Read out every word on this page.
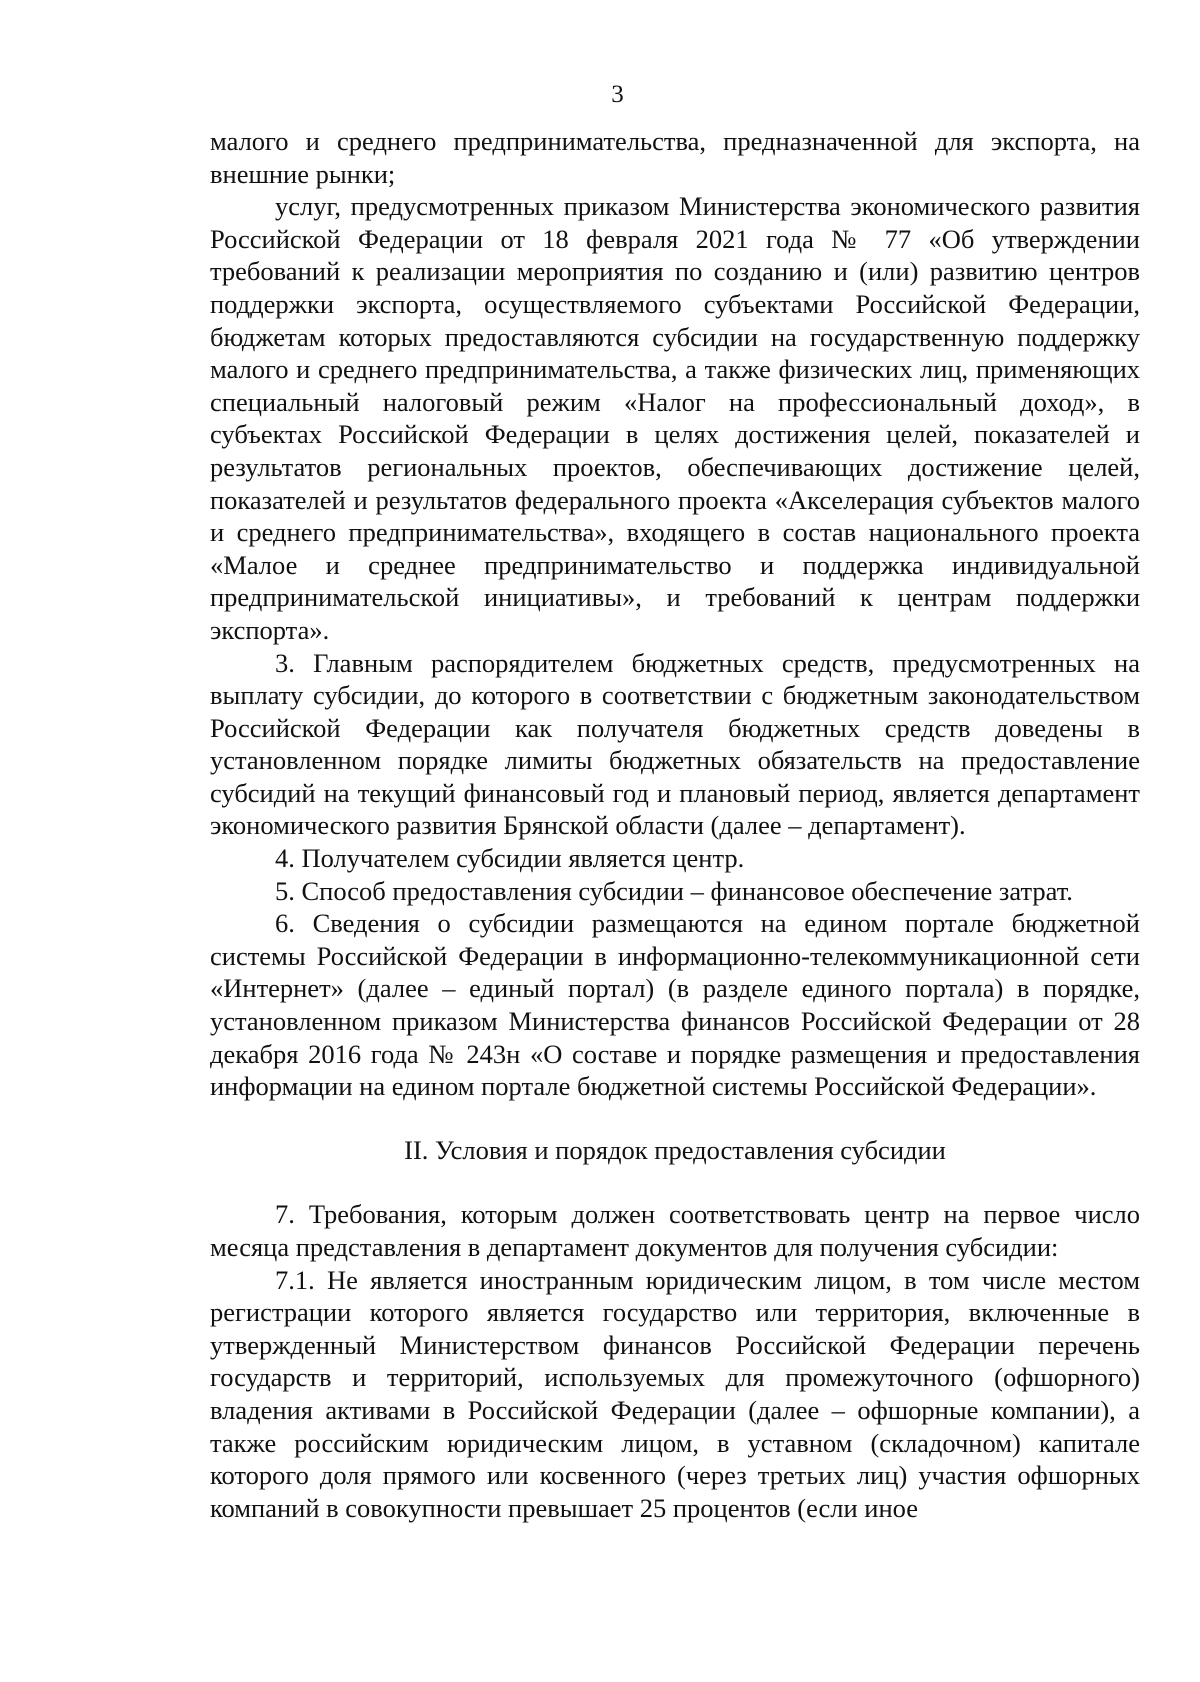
3

малого и среднего предпринимательства, предназначенной для экспорта, на внешние рынки;

услуг, предусмотренных приказом Министерства экономического развития Российской Федерации от 18 февраля 2021 года № 77 «Об утверждении требований к реализации мероприятия по созданию и (или) развитию центров поддержки экспорта, осуществляемого субъектами Российской Федерации, бюджетам которых предоставляются субсидии на государственную поддержку малого и среднего предпринимательства, а также физических лиц, применяющих специальный налоговый режим «Налог на профессиональный доход», в субъектах Российской Федерации в целях достижения целей, показателей и результатов региональных проектов, обеспечивающих достижение целей, показателей и результатов федерального проекта «Акселерация субъектов малого и среднего предпринимательства», входящего в состав национального проекта «Малое и среднее предпринимательство и поддержка индивидуальной предпринимательской инициативы», и требований к центрам поддержки экспорта».

3. Главным распорядителем бюджетных средств, предусмотренных на выплату субсидии, до которого в соответствии с бюджетным законодательством Российской Федерации как получателя бюджетных средств доведены в установленном порядке лимиты бюджетных обязательств на предоставление субсидий на текущий финансовый год и плановый период, является департамент экономического развития Брянской области (далее – департамент).

4. Получателем субсидии является центр.

5. Способ предоставления субсидии – финансовое обеспечение затрат.

6. Сведения о субсидии размещаются на едином портале бюджетной системы Российской Федерации в информационно-телекоммуникационной сети «Интернет» (далее – единый портал) (в разделе единого портала) в порядке, установленном приказом Министерства финансов Российской Федерации от 28 декабря 2016 года № 243н «О составе и порядке размещения и предоставления информации на едином портале бюджетной системы Российской Федерации».

II. Условия и порядок предоставления субсидии

7. Требования, которым должен соответствовать центр на первое число месяца представления в департамент документов для получения субсидии:

7.1. Не является иностранным юридическим лицом, в том числе местом регистрации которого является государство или территория, включенные в утвержденный Министерством финансов Российской Федерации перечень государств и территорий, используемых для промежуточного (офшорного) владения активами в Российской Федерации (далее – офшорные компании), а также российским юридическим лицом, в уставном (складочном) капитале которого доля прямого или косвенного (через третьих лиц) участия офшорных компаний в совокупности превышает 25 процентов (если иное
